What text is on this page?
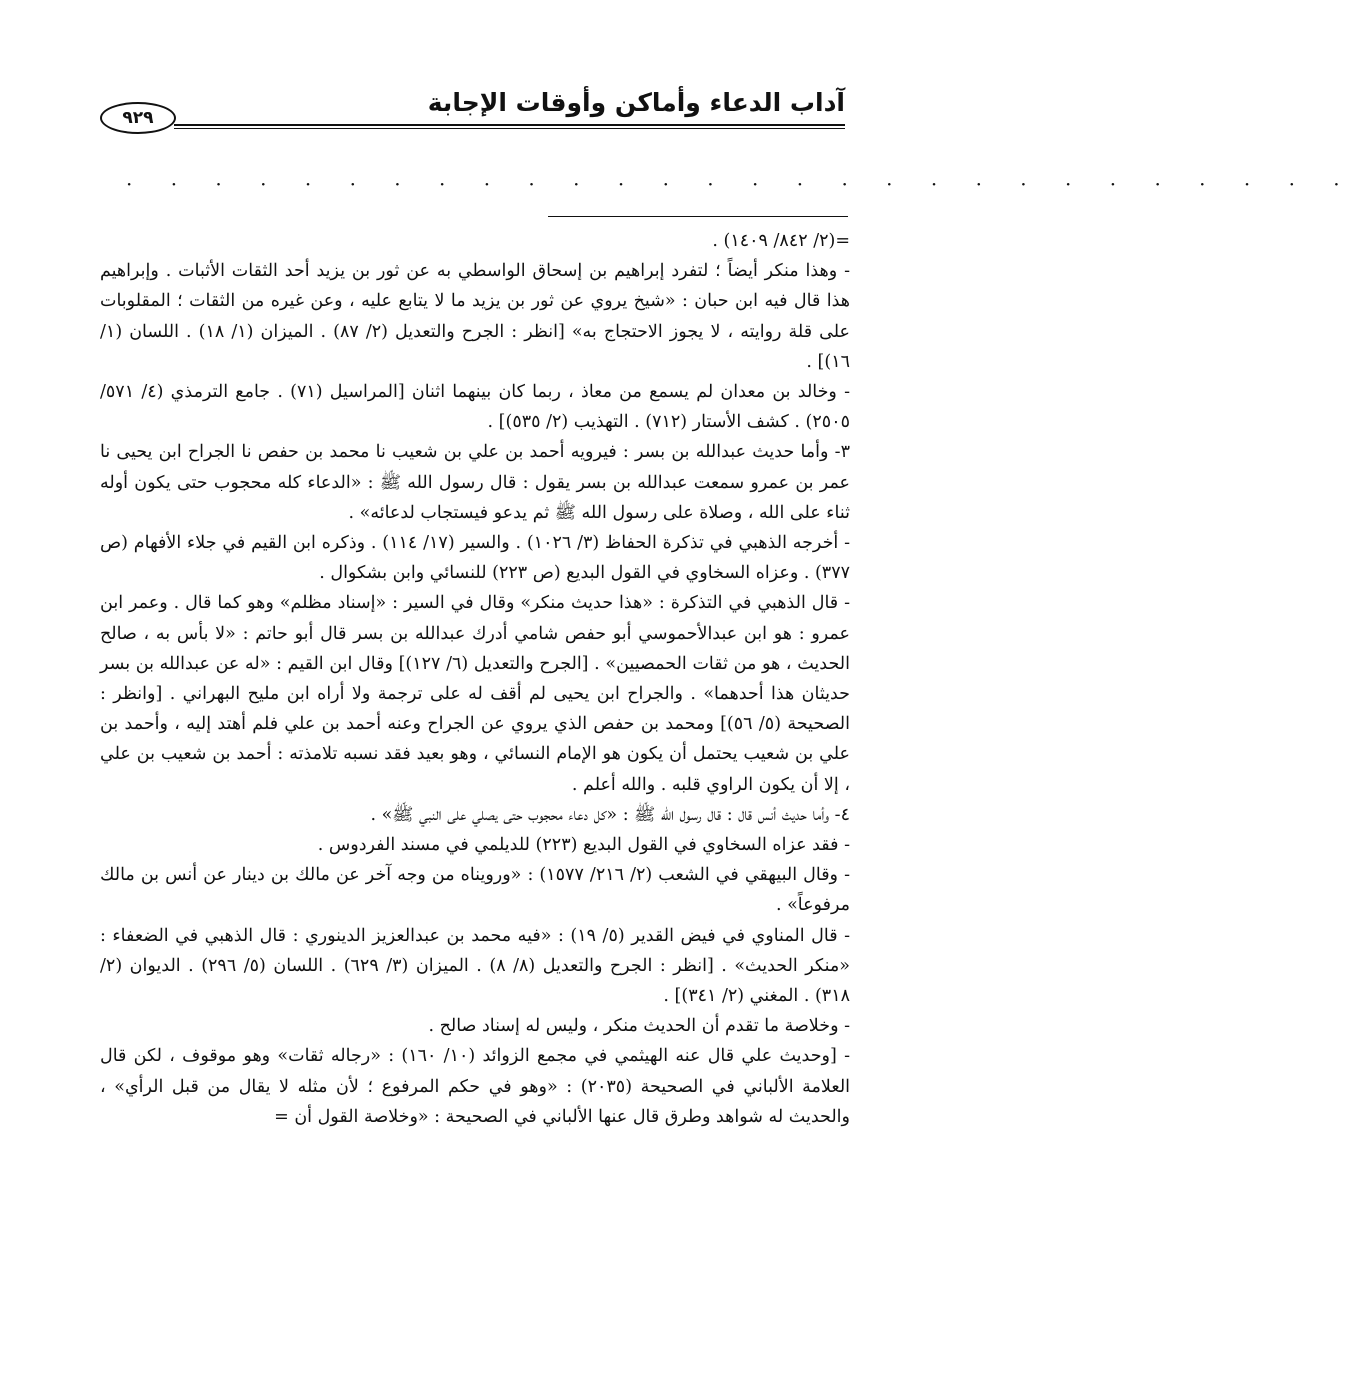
آداب الدعاء وأماكن وأوقات الإجابة
٩٢٩
· · · · · · · · · · · · · · · · · · · · · · · · · · · ·

=(٢/ ٨٤٢/ ١٤٠٩) .

- وهذا منكر أيضاً ؛ لتفرد إبراهيم بن إسحاق الواسطي به عن ثور بن يزيد أحد الثقات الأثبات . وإبراهيم هذا قال فيه ابن حبان : «شيخ يروي عن ثور بن يزيد ما لا يتابع عليه ، وعن غيره من الثقات ؛ المقلوبات على قلة روايته ، لا يجوز الاحتجاج به» [انظر : الجرح والتعديل (٢/ ٨٧) . الميزان (١/ ١٨) . اللسان (١/ ١٦)] .

- وخالد بن معدان لم يسمع من معاذ ، ربما كان بينهما اثنان [المراسيل (٧١) . جامع الترمذي (٤/ ٥٧١/ ٢٥٠٥) . كشف الأستار (٧١٢) . التهذيب (٢/ ٥٣٥)] .

٣- وأما حديث عبدالله بن بسر : فيرويه أحمد بن علي بن شعيب نا محمد بن حفص نا الجراح ابن يحيى نا عمر بن عمرو سمعت عبدالله بن بسر يقول : قال رسول الله ﷺ : «الدعاء كله محجوب حتى يكون أوله ثناء على الله ، وصلاة على رسول الله ﷺ ثم يدعو فيستجاب لدعائه» .

- أخرجه الذهبي في تذكرة الحفاظ (٣/ ١٠٢٦) . والسير (١٧/ ١١٤) . وذكره ابن القيم في جلاء الأفهام (ص ٣٧٧) . وعزاه السخاوي في القول البديع (ص ٢٢٣) للنسائي وابن بشكوال .

- قال الذهبي في التذكرة : «هذا حديث منكر» وقال في السير : «إسناد مظلم» وهو كما قال . وعمر ابن عمرو : هو ابن عبدالأحموسي أبو حفص شامي أدرك عبدالله بن بسر قال أبو حاتم : «لا بأس به ، صالح الحديث ، هو من ثقات الحمصيين» . [الجرح والتعديل (٦/ ١٢٧)] وقال ابن القيم : «له عن عبدالله بن بسر حديثان هذا أحدهما» . والجراح ابن يحيى لم أقف له على ترجمة ولا أراه ابن مليح البهراني . [وانظر : الصحيحة (٥/ ٥٦)] ومحمد بن حفص الذي يروي عن الجراح وعنه أحمد بن علي فلم أهتد إليه ، وأحمد بن علي بن شعيب يحتمل أن يكون هو الإمام النسائي ، وهو بعيد فقد نسبه تلامذته : أحمد بن شعيب بن علي ، إلا أن يكون الراوي قلبه . والله أعلم .

٤- وأما حديث أنس قال : قال رسول الله ﷺ : «كل دعاء محجوب حتى يصلي على النبي ﷺ» .

- فقد عزاه السخاوي في القول البديع (٢٢٣) للديلمي في مسند الفردوس .

- وقال البيهقي في الشعب (٢/ ٢١٦/ ١٥٧٧) : «ورويناه من وجه آخر عن مالك بن دينار عن أنس بن مالك مرفوعاً» .

- قال المناوي في فيض القدير (٥/ ١٩) : «فيه محمد بن عبدالعزيز الدينوري : قال الذهبي في الضعفاء : «منكر الحديث» . [انظر : الجرح والتعديل (٨/ ٨) . الميزان (٣/ ٦٢٩) . اللسان (٥/ ٢٩٦) . الديوان (٢/ ٣١٨) . المغني (٢/ ٣٤١)] .

- وخلاصة ما تقدم أن الحديث منكر ، وليس له إسناد صالح .

- [وحديث علي قال عنه الهيثمي في مجمع الزوائد (١٠/ ١٦٠) : «رجاله ثقات» وهو موقوف ، لكن قال العلامة الألباني في الصحيحة (٢٠٣٥) : «وهو في حكم المرفوع ؛ لأن مثله لا يقال من قبل الرأي» ، والحديث له شواهد وطرق قال عنها الألباني في الصحيحة : «وخلاصة القول أن =
